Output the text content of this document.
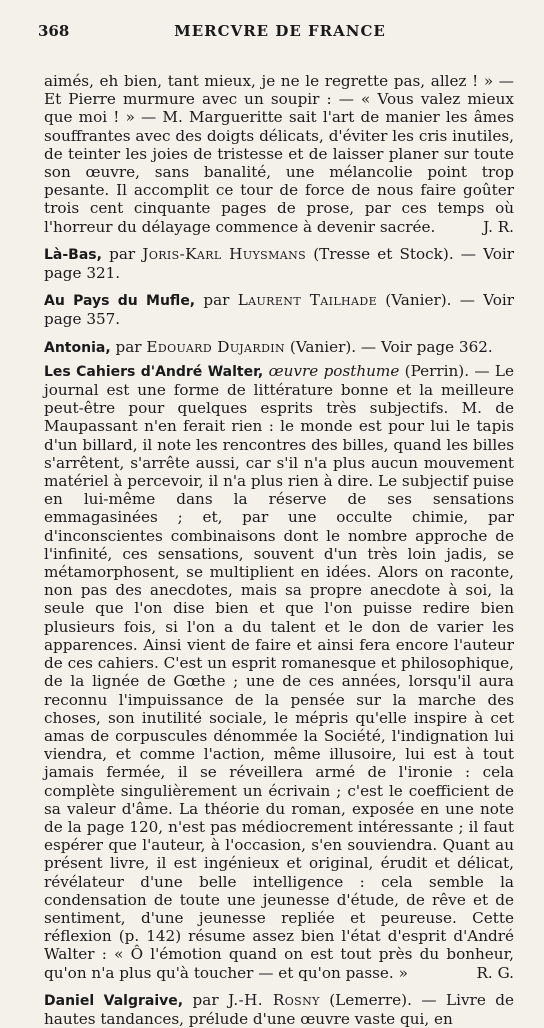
368	MERCVRE DE FRANCE

aimés, eh bien, tant mieux, je ne le regrette pas, allez ! » — Et Pierre murmure avec un soupir : — « Vous valez mieux que moi ! » — M. Margueritte sait l'art de manier les âmes souffrantes avec des doigts délicats, d'éviter les cris inutiles, de teinter les joies de tristesse et de laisser planer sur toute son œuvre, sans banalité, une mélancolie point trop pesante. Il accomplit ce tour de force de nous faire goûter trois cent cinquante pages de prose, par ces temps où l'horreur du délayage commence à devenir sacrée.	J. R.

Là-Bas, par Joris-Karl Huysmans (Tresse et Stock). — Voir page 321.

Au Pays du Mufle, par Laurent Tailhade (Vanier). — Voir page 357.

Antonia, par Edouard Dujardin (Vanier). — Voir page 362.

Les Cahiers d'André Walter, œuvre posthume (Perrin). — Le journal est une forme de littérature bonne et la meilleure peut-être pour quelques esprits très subjectifs. M. de Maupassant n'en ferait rien : le monde est pour lui le tapis d'un billard, il note les rencontres des billes, quand les billes s'arrêtent, s'arrête aussi, car s'il n'a plus aucun mouvement matériel à percevoir, il n'a plus rien à dire. Le subjectif puise en lui-même dans la réserve de ses sensations emmagasinées ; et, par une occulte chimie, par d'inconscientes combinaisons dont le nombre approche de l'infinité, ces sensations, souvent d'un très loin jadis, se métamorphosent, se multiplient en idées. Alors on raconte, non pas des anecdotes, mais sa propre anecdote à soi, la seule que l'on dise bien et que l'on puisse redire bien plusieurs fois, si l'on a du talent et le don de varier les apparences. Ainsi vient de faire et ainsi fera encore l'auteur de ces cahiers. C'est un esprit romanesque et philosophique, de la lignée de Gœthe ; une de ces années, lorsqu'il aura reconnu l'impuissance de la pensée sur la marche des choses, son inutilité sociale, le mépris qu'elle inspire à cet amas de corpuscules dénommée la Société, l'indignation lui viendra, et comme l'action, même illusoire, lui est à tout jamais fermée, il se réveillera armé de l'ironie : cela complète singulièrement un écrivain ; c'est le coefficient de sa valeur d'âme. La théorie du roman, exposée en une note de la page 120, n'est pas médiocrement intéressante ; il faut espérer que l'auteur, à l'occasion, s'en souviendra. Quant au présent livre, il est ingénieux et original, érudit et délicat, révélateur d'une belle intelligence : cela semble la condensation de toute une jeunesse d'étude, de rêve et de sentiment, d'une jeunesse repliée et peureuse. Cette réflexion (p. 142) résume assez bien l'état d'esprit d'André Walter : « Ô l'émotion quand on est tout près du bonheur, qu'on n'a plus qu'à toucher — et qu'on passe. »	R. G.

Daniel Valgraive, par J.-H. Rosny (Lemerre). — Livre de hautes tandances, prélude d'une œuvre vaste qui, en
